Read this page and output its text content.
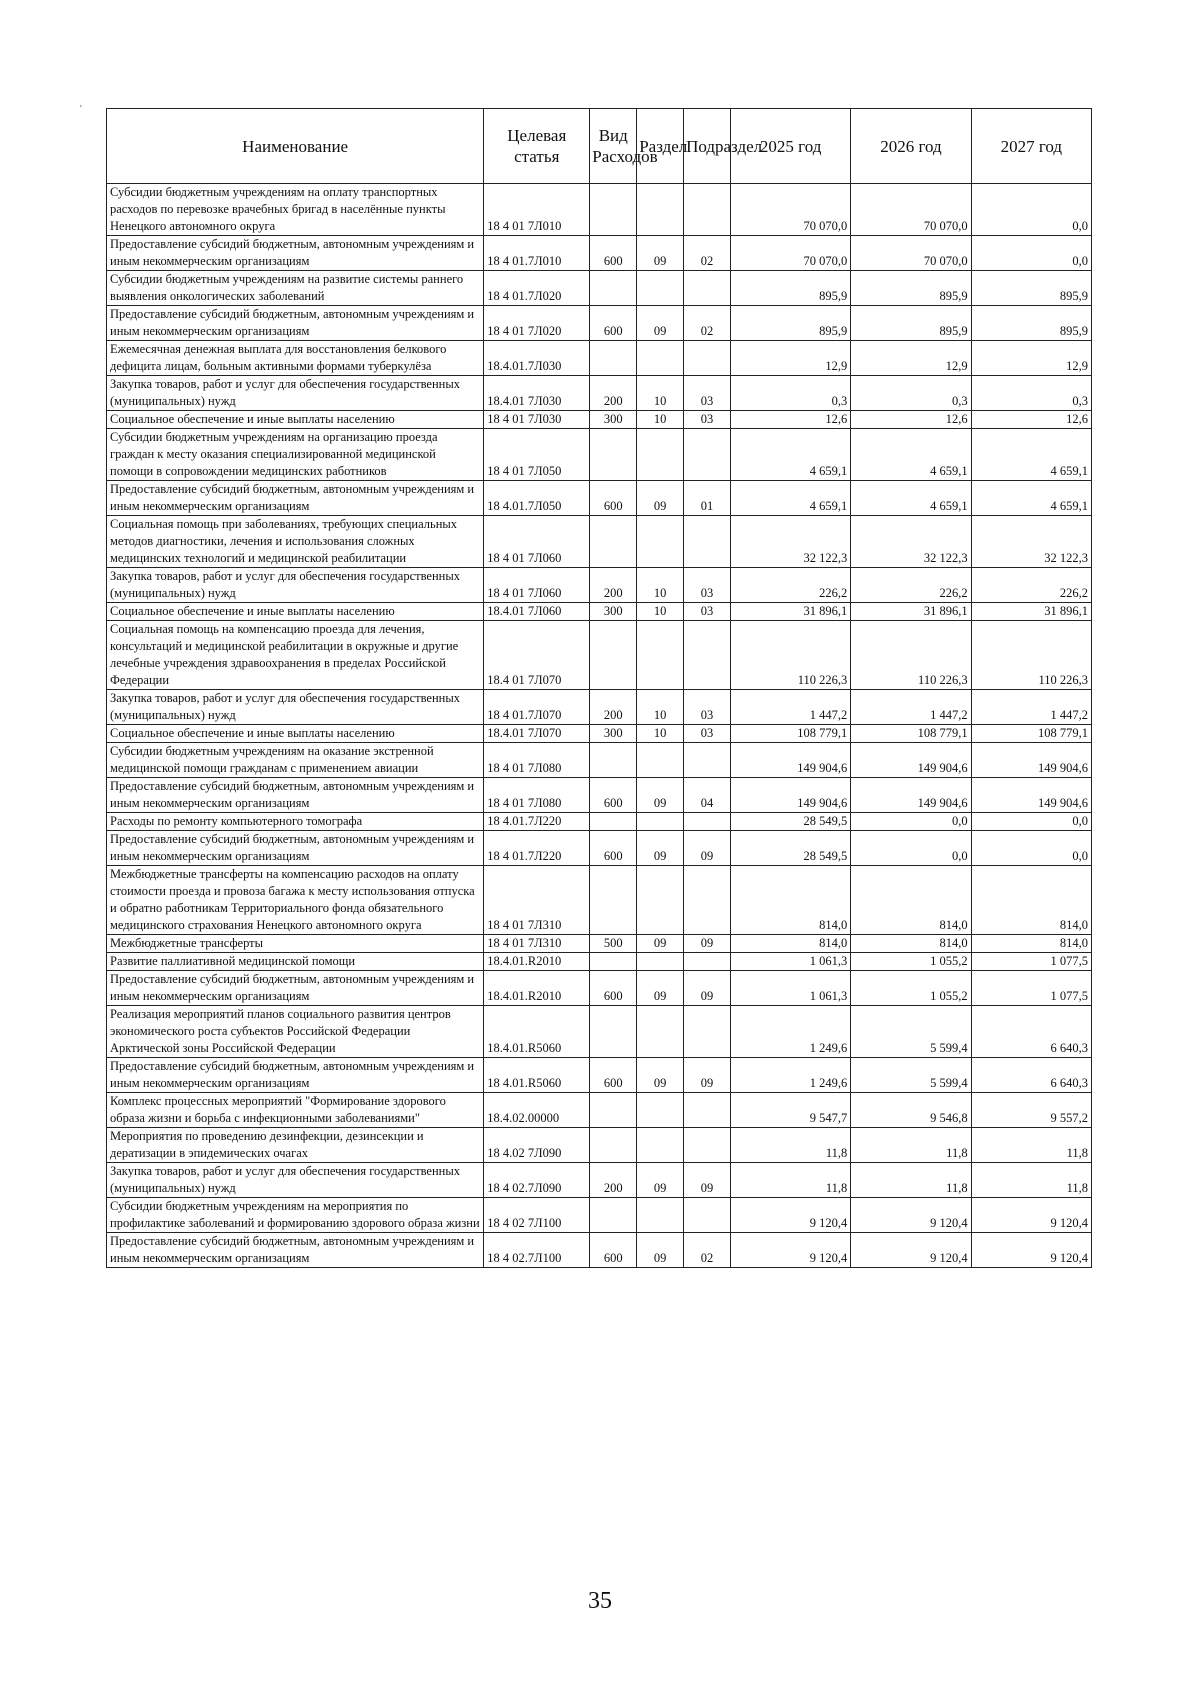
'
Наименование	Целевая статья	Вид Расходов	Раздел	Подраздел	2025 год	2026 год	2027 год
Субсидии бюджетным учреждениям на оплату транспортных расходов по перевозке врачебных бригад в населённые пункты Ненецкого автономного округа	18 4 01 7Л010				70 070,0	70 070,0	0,0
Предоставление субсидий бюджетным, автономным учреждениям и иным некоммерческим организациям	18 4 01.7Л010	600	09	02	70 070,0	70 070,0	0,0
Субсидии бюджетным учреждениям на развитие системы раннего выявления онкологических заболеваний	18 4 01.7Л020				895,9	895,9	895,9
Предоставление субсидий бюджетным, автономным учреждениям и иным некоммерческим организациям	18 4 01 7Л020	600	09	02	895,9	895,9	895,9
Ежемесячная денежная выплата для восстановления белкового дефицита лицам, больным активными формами туберкулёза	18.4.01.7Л030				12,9	12,9	12,9
Закупка товаров, работ и услуг для обеспечения государственных (муниципальных) нужд	18.4.01 7Л030	200	10	03	0,3	0,3	0,3
Социальное обеспечение и иные выплаты населению	18 4 01 7Л030	300	10	03	12,6	12,6	12,6
Субсидии бюджетным учреждениям на организацию проезда граждан к месту оказания специализированной медицинской помощи в сопровождении медицинских работников	18 4 01 7Л050				4 659,1	4 659,1	4 659,1
Предоставление субсидий бюджетным, автономным учреждениям и иным некоммерческим организациям	18 4.01.7Л050	600	09	01	4 659,1	4 659,1	4 659,1
Социальная помощь при заболеваниях, требующих специальных методов диагностики, лечения и использования сложных медицинских технологий и медицинской реабилитации	18 4 01 7Л060				32 122,3	32 122,3	32 122,3
Закупка товаров, работ и услуг для обеспечения государственных (муниципальных) нужд	18 4 01 7Л060	200	10	03	226,2	226,2	226,2
Социальное обеспечение и иные выплаты населению	18.4.01 7Л060	300	10	03	31 896,1	31 896,1	31 896,1
Социальная помощь на компенсацию проезда для лечения, консультаций и медицинской реабилитации в окружные и другие лечебные учреждения здравоохранения в пределах Российской Федерации	18.4 01 7Л070				110 226,3	110 226,3	110 226,3
Закупка товаров, работ и услуг для обеспечения государственных (муниципальных) нужд	18 4 01.7Л070	200	10	03	1 447,2	1 447,2	1 447,2
Социальное обеспечение и иные выплаты населению	18.4.01 7Л070	300	10	03	108 779,1	108 779,1	108 779,1
Субсидии бюджетным учреждениям на оказание экстренной медицинской помощи гражданам с применением авиации	18 4 01 7Л080				149 904,6	149 904,6	149 904,6
Предоставление субсидий бюджетным, автономным учреждениям и иным некоммерческим организациям	18 4 01 7Л080	600	09	04	149 904,6	149 904,6	149 904,6
Расходы по ремонту компьютерного томографа	18 4.01.7Л220				28 549,5	0,0	0,0
Предоставление субсидий бюджетным, автономным учреждениям и иным некоммерческим организациям	18 4 01.7Л220	600	09	09	28 549,5	0,0	0,0
Межбюджетные трансферты на компенсацию расходов на оплату стоимости проезда и провоза багажа к месту использования отпуска и обратно работникам Территориального фонда обязательного медицинского страхования Ненецкого автономного округа	18 4 01 7Л310				814,0	814,0	814,0
Межбюджетные трансферты	18 4 01 7Л310	500	09	09	814,0	814,0	814,0
Развитие паллиативной медицинской помощи	18.4.01.R2010				1 061,3	1 055,2	1 077,5
Предоставление субсидий бюджетным, автономным учреждениям и иным некоммерческим организациям	18.4.01.R2010	600	09	09	1 061,3	1 055,2	1 077,5
Реализация мероприятий планов социального развития центров экономического роста субъектов Российской Федерации Арктической зоны Российской Федерации	18.4.01.R5060				1 249,6	5 599,4	6 640,3
Предоставление субсидий бюджетным, автономным учреждениям и иным некоммерческим организациям	18 4.01.R5060	600	09	09	1 249,6	5 599,4	6 640,3
Комплекс процессных мероприятий "Формирование здорового образа жизни и борьба с инфекционными заболеваниями"	18.4.02.00000				9 547,7	9 546,8	9 557,2
Мероприятия по проведению дезинфекции, дезинсекции и дератизации в эпидемических очагах	18 4.02 7Л090				11,8	11,8	11,8
Закупка товаров, работ и услуг для обеспечения государственных (муниципальных) нужд	18 4 02.7Л090	200	09	09	11,8	11,8	11,8
Субсидии бюджетным учреждениям на мероприятия по профилактике заболеваний и формированию здорового образа жизни	18 4 02 7Л100				9 120,4	9 120,4	9 120,4
Предоставление субсидий бюджетным, автономным учреждениям и иным некоммерческим организациям	18 4 02.7Л100	600	09	02	9 120,4	9 120,4	9 120,4
35
